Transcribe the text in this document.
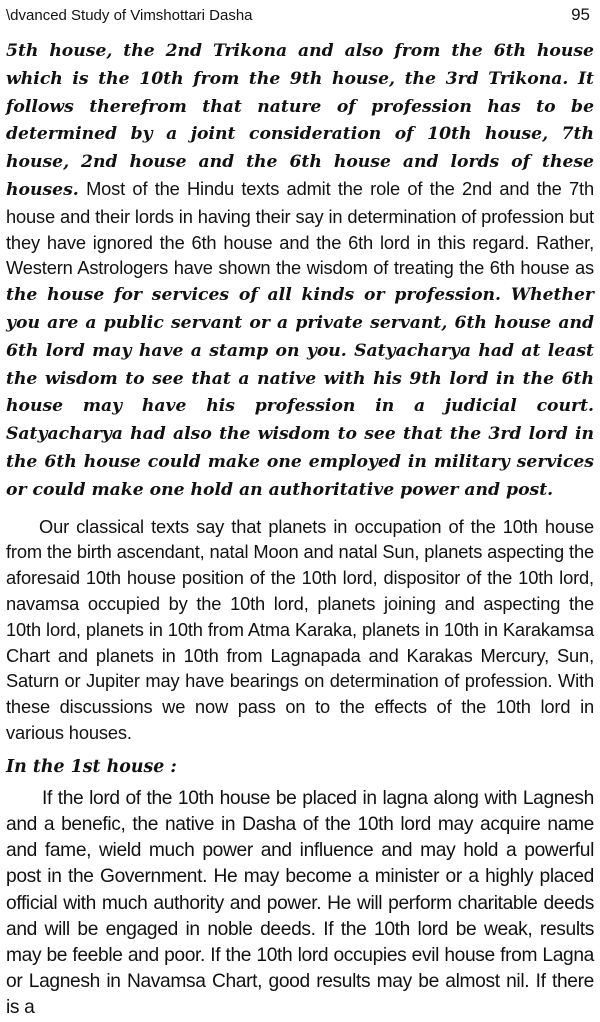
\dvanced Study of Vimshottari Dasha	95

5th house, the 2nd Trikona and also from the 6th house which is the 10th from the 9th house, the 3rd Trikona. It follows therefrom that nature of profession has to be determined by a joint consideration of 10th house, 7th house, 2nd house and the 6th house and lords of these houses. Most of the Hindu texts admit the role of the 2nd and the 7th house and their lords in having their say in determination of profession but they have ignored the 6th house and the 6th lord in this regard. Rather, Western Astrologers have shown the wisdom of treating the 6th house as the house for services of all kinds or profession. Whether you are a public servant or a private servant, 6th house and 6th lord may have a stamp on you. Satyacharya had at least the wisdom to see that a native with his 9th lord in the 6th house may have his profession in a judicial court. Satyacharya had also the wisdom to see that the 3rd lord in the 6th house could make one employed in military services or could make one hold an authoritative power and post.

Our classical texts say that planets in occupation of the 10th house from the birth ascendant, natal Moon and natal Sun, planets aspecting the aforesaid 10th house position of the 10th lord, dispositor of the 10th lord, navamsa occupied by the 10th lord, planets joining and aspecting the 10th lord, planets in 10th from Atma Karaka, planets in 10th in Karakamsa Chart and planets in 10th from Lagnapada and Karakas Mercury, Sun, Saturn or Jupiter may have bearings on determination of profession. With these discussions we now pass on to the effects of the 10th lord in various houses.

In the 1st house :

If the lord of the 10th house be placed in lagna along with Lagnesh and a benefic, the native in Dasha of the 10th lord may acquire name and fame, wield much power and influence and may hold a powerful post in the Government. He may become a minister or a highly placed official with much authority and power. He will perform charitable deeds and will be engaged in noble deeds. If the 10th lord be weak, results may be feeble and poor. If the 10th lord occupies evil house from Lagna or Lagnesh in Navamsa Chart, good results may be almost nil. If there is a
